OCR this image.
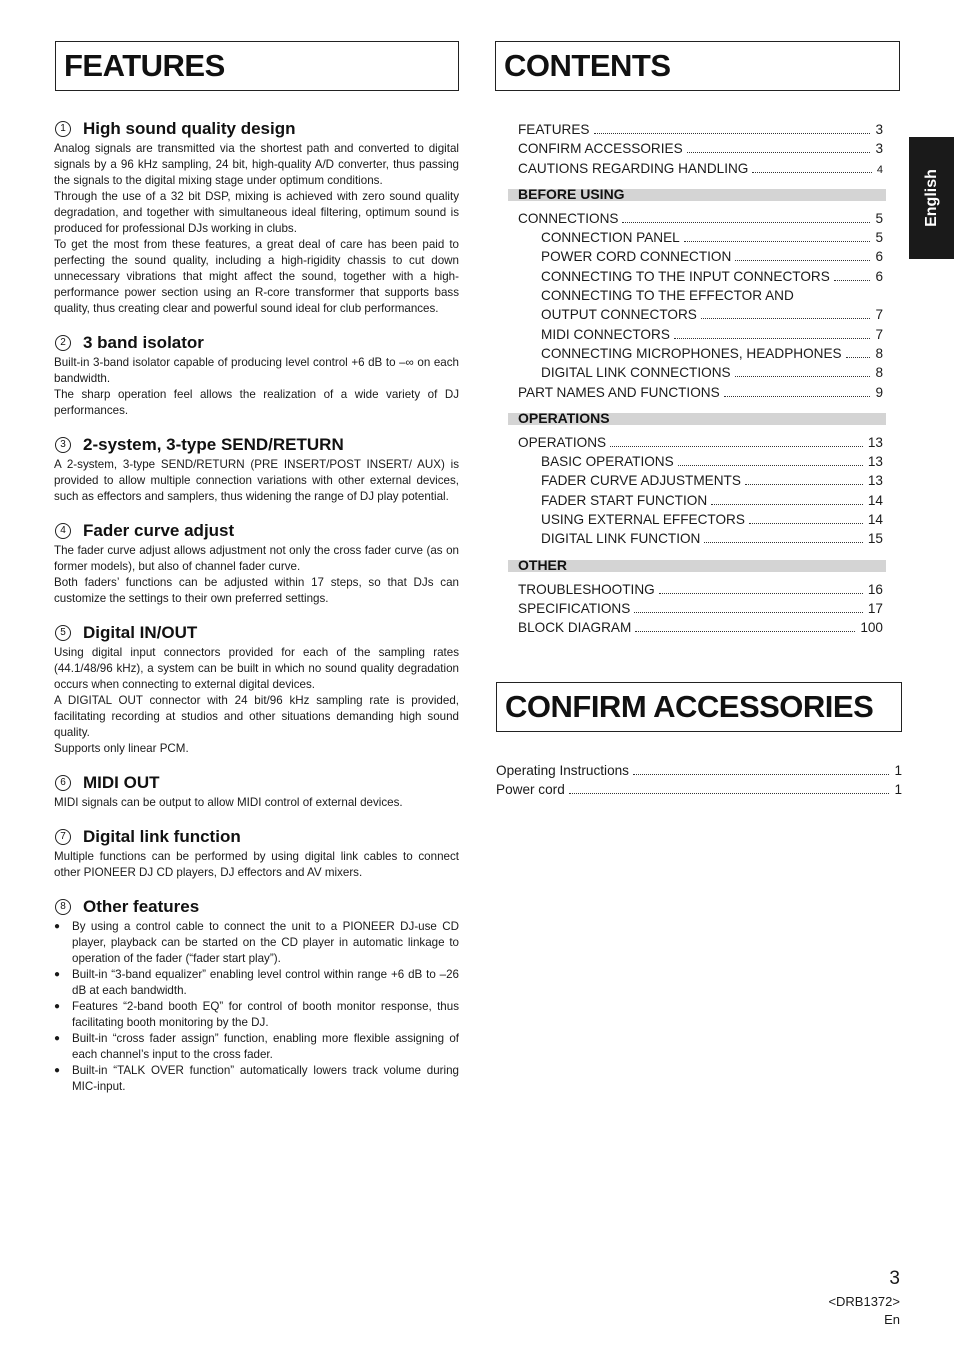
FEATURES	CONTENTS
CONFIRM ACCESSORIES
1	High sound quality design

Analog signals are transmitted via the shortest path and converted to digital signals by a 96 kHz sampling, 24 bit, high-quality A/D converter, thus passing the signals to the digital mixing stage under optimum conditions.

Through the use of a 32 bit DSP, mixing is achieved with zero sound quality degradation, and together with simultaneous ideal filtering, optimum sound is produced for professional DJs working in clubs.

To get the most from these features, a great deal of care has been paid to perfecting the sound quality, including a high-rigidity chassis to cut down unnecessary vibrations that might affect the sound, together with a high-performance power section using an R-core transformer that supports bass quality, thus creating clear and powerful sound ideal for club performances.

2	3 band isolator

Built-in 3-band isolator capable of producing level control +6 dB to –∞ on each bandwidth.

The sharp operation feel allows the realization of a wide variety of DJ performances.

3	2-system, 3-type SEND/RETURN

A 2-system, 3-type SEND/RETURN (PRE INSERT/POST INSERT/ AUX) is provided to allow multiple connection variations with other external devices, such as effectors and samplers, thus widening the range of DJ play potential.

4	Fader curve adjust

The fader curve adjust allows adjustment not only the cross fader curve (as on former models), but also of channel fader curve.

Both faders’ functions can be adjusted within 17 steps, so that DJs can customize the settings to their own preferred settings.

5	Digital IN/OUT

Using digital input connectors provided for each of the sampling rates (44.1/48/96 kHz), a system can be built in which no sound quality degradation occurs when connecting to external digital devices.

A DIGITAL OUT connector with 24 bit/96 kHz sampling rate is provided, facilitating recording at studios and other situations demanding high sound quality.

Supports only linear PCM.

6	MIDI OUT

MIDI signals can be output to allow MIDI control of external devices.

7	Digital link function

Multiple functions can be performed by using digital link cables to connect other PIONEER DJ CD players, DJ effectors and AV mixers.

8	Other features
● By using a control cable to connect the unit to a PIONEER DJ-use CD player, playback can be started on the CD player in automatic linkage to operation of the fader (“fader start play”).
● Built-in “3-band equalizer” enabling level control within range +6 dB to –26 dB at each bandwidth.
● Features “2-band booth EQ” for control of booth monitor response, thus facilitating booth monitoring by the DJ.
● Built-in “cross fader assign” function, enabling more flexible assigning of each channel’s input to the cross fader.
● Built-in “TALK OVER function” automatically lowers track volume during MIC-input.
FEATURES	3
CONFIRM ACCESSORIES	3
CAUTIONS REGARDING HANDLING	4
BEFORE USING
CONNECTIONS	5
CONNECTION PANEL	5
POWER CORD CONNECTION	6
CONNECTING TO THE INPUT CONNECTORS	6
CONNECTING TO THE EFFECTOR AND
OUTPUT CONNECTORS	7
MIDI CONNECTORS	7
CONNECTING MICROPHONES, HEADPHONES	8
DIGITAL LINK CONNECTIONS	8
PART NAMES AND FUNCTIONS	9
OPERATIONS
OPERATIONS	13
BASIC OPERATIONS	13
FADER CURVE ADJUSTMENTS	13
FADER START FUNCTION	14
USING EXTERNAL EFFECTORS	14
DIGITAL LINK FUNCTION	15
OTHER
TROUBLESHOOTING	16
SPECIFICATIONS	17
BLOCK DIAGRAM	100
Operating Instructions	1
Power cord	1
English
3
<DRB1372>
En
